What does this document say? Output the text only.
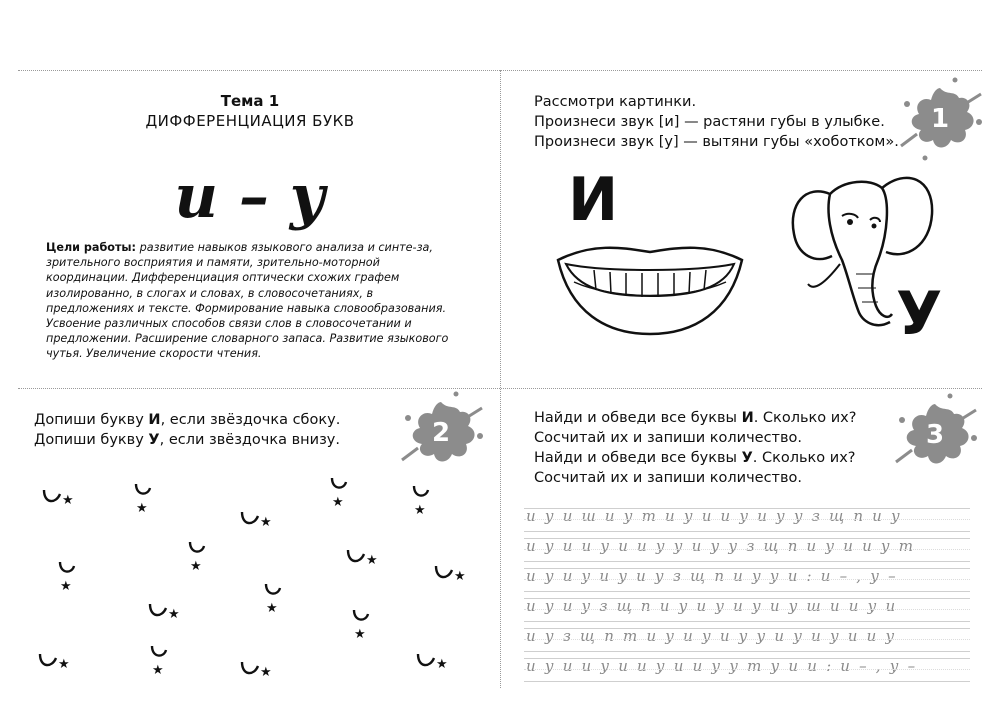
Тема 1
ДИФФЕРЕНЦИАЦИЯ БУКВ
и – у
Цели работы: развитие навыков языкового анализа и синте-за, зрительного восприятия и памяти, зрительно-моторной координации. Дифференциация оптически схожих графем изолированно, в слогах и словах, в словосочетаниях, в предложениях и тексте. Формирование навыка словообразования. Усвоение различных способов связи слов в словосочетании и предложении. Расширение словарного запаса. Развитие языкового чутья. Увеличение скорости чтения.
Рассмотри картинки.
Произнеси звук [и] — растяни губы в улыбке.
Произнеси звук [у] — вытяни губы «хоботком».
1
И
У
Допиши букву И, если звёздочка сбоку.
Допиши букву У, если звёздочка внизу.	2
★
★
★
★
★
★	★
★
★
★
★
★
★	★	★
★
Найди и обведи все буквы И. Сколько их?
Сосчитай их и запиши количество.
Найди и обведи все буквы У. Сколько их?
Сосчитай их и запиши количество.
3
и у и ш и у т и у и и у и у у з щ п и у
и у и и у и и у у и у у з щ п и у и и у т
и у и у и у и у з щ п и у у и : и – , у –
и у и у з щ п и у и у и у и у ш и и у и
и у з щ п т и у и у и у у и у и у и и у
и у и и у и и у и и у у т у и и : и – , у –
